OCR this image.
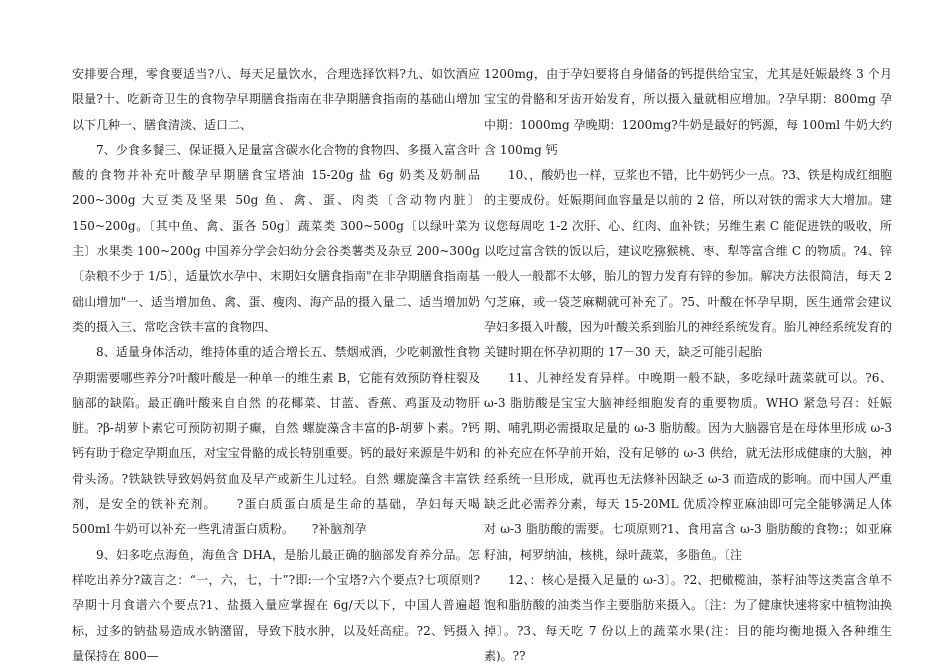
安排要合理，零食要适当?八、每天足量饮水，合理选择饮料?九、如饮酒应限量?十、吃新奇卫生的食物孕早期膳食指南在非孕期膳食指南的基础山增加以下几种一、膳食清淡、适口二、

7、少食多餐三、保证摄入足量富含碳水化合物的食物四、多摄入富含叶酸的食物并补充叶酸孕早期膳食宝塔油 15-20g 盐 6g 奶类及奶制品 200~300g 大豆类及坚果 50g 鱼、禽、蛋、肉类〔含动物内脏〕150~200g。〔其中鱼、禽、蛋各 50g〕蔬菜类 300~500g〔以绿叶菜为主〕水果类 100~200g 中国养分学会妇幼分会谷类薯类及杂豆 200~300g〔杂粮不少于 1/5〕，适量饮水孕中、末期妇女膳食指南"在非孕期膳食指南基础山增加"一、适当增加鱼、禽、蛋、瘦肉、海产品的摄入量二、适当增加奶类的摄入三、常吃含铁丰富的食物四、

8、适量身体活动，维持体重的适合增长五、禁烟戒酒，少吃刺激性食物孕期需要哪些养分?叶酸叶酸是一种单一的维生素 B，它能有效预防脊柱裂及脑部的缺陷。最正确叶酸来自自然 的花椰菜、甘蓝、香蕉、鸡蛋及动物肝脏。?β-胡萝卜素它可预防初期子癫，自然 螺旋藻含丰富的β-胡萝卜素。?钙钙有助于稳定孕期血压，对宝宝骨骼的成长特别重要。钙的最好来源是牛奶和骨头汤。?铁缺铁导致妈妈贫血及早产或新生儿过轻。自然 螺旋藻含丰富铁剂，是安全的铁补充剂。　　?蛋白质蛋白质是生命的基础，孕妇每天喝 500ml 牛奶可以补充一些乳清蛋白质粉。　　?补脑剂孕

9、妇多吃点海鱼，海鱼含 DHA，是胎儿最正确的脑部发育养分品。怎样吃出养分?箴言之：“一，六，七，十”?即:一个宝塔?六个要点?七项原则?孕期十月食谱六个要点?1、盐摄入量应掌握在 6g/天以下，中国人普遍超标，过多的钠盐易造成水钠潴留，导致下肢水肿，以及妊高症。?2、钙摄入量保持在 800—

1200mg，由于孕妇要将自身储备的钙提供给宝宝，尤其是妊娠最终 3 个月宝宝的骨骼和牙齿开始发育，所以摄入量就相应增加。?孕早期：800mg 孕中期：1000mg 孕晚期：1200mg?牛奶是最好的钙源，每 100ml 牛奶大约含 100mg 钙

10、，酸奶也一样，豆浆也不错，比牛奶钙少一点。?3、铁是构成红细胞的主要成份。妊娠期间血容量是以前的 2 倍，所以对铁的需求大大增加。建议您每周吃 1-2 次肝、心、红肉、血补铁；另维生素 C 能促进铁的吸收，所以吃过富含铁的饭以后，建议吃猕猴桃、枣、犁等富含维 C 的物质。?4、锌一般人一般都不太够，胎儿的智力发育有锌的参加。解决方法很简洁，每天 2 勺芝麻，或一袋芝麻糊就可补充了。?5、叶酸在怀孕早期，医生通常会建议孕妇多摄入叶酸，因为叶酸关系到胎儿的神经系统发育。胎儿神经系统发育的关键时期在怀孕初期的 17－30 天，缺乏可能引起胎

11、儿神经发育异样。中晚期一般不缺，多吃绿叶蔬菜就可以。?6、ω-3 脂肪酸是宝宝大脑神经细胞发育的重要物质。WHO 紧急号召：妊娠期、哺乳期必需摄取足量的 ω-3 脂肪酸。因为大脑器官是在母体里形成 ω-3 的补充应在怀孕前开始，没有足够的 ω-3 供给，就无法形成健康的大脑，神经系统一旦形成，就再也无法修补因缺乏 ω-3 而造成的影响。而中国人严重缺乏此必需养分素，每天 15-20ML 优质冷榨亚麻油即可完全能够满足人体对 ω-3 脂肪酸的需要。七项原则?1、食用富含 ω-3 脂肪酸的食物:；如亚麻籽油，柯罗纳油，核桃，绿叶蔬菜，多脂鱼。〔注

12、：核心是摄入足量的 ω-3〕。?2、把橄榄油，茶籽油等这类富含单不饱和脂肪酸的油类当作主要脂肪来摄入。〔注：为了健康快速将家中植物油换掉〕。?3、每天吃 7 份以上的蔬菜水果(注：目的能均衡地摄入各种维生素)。??
